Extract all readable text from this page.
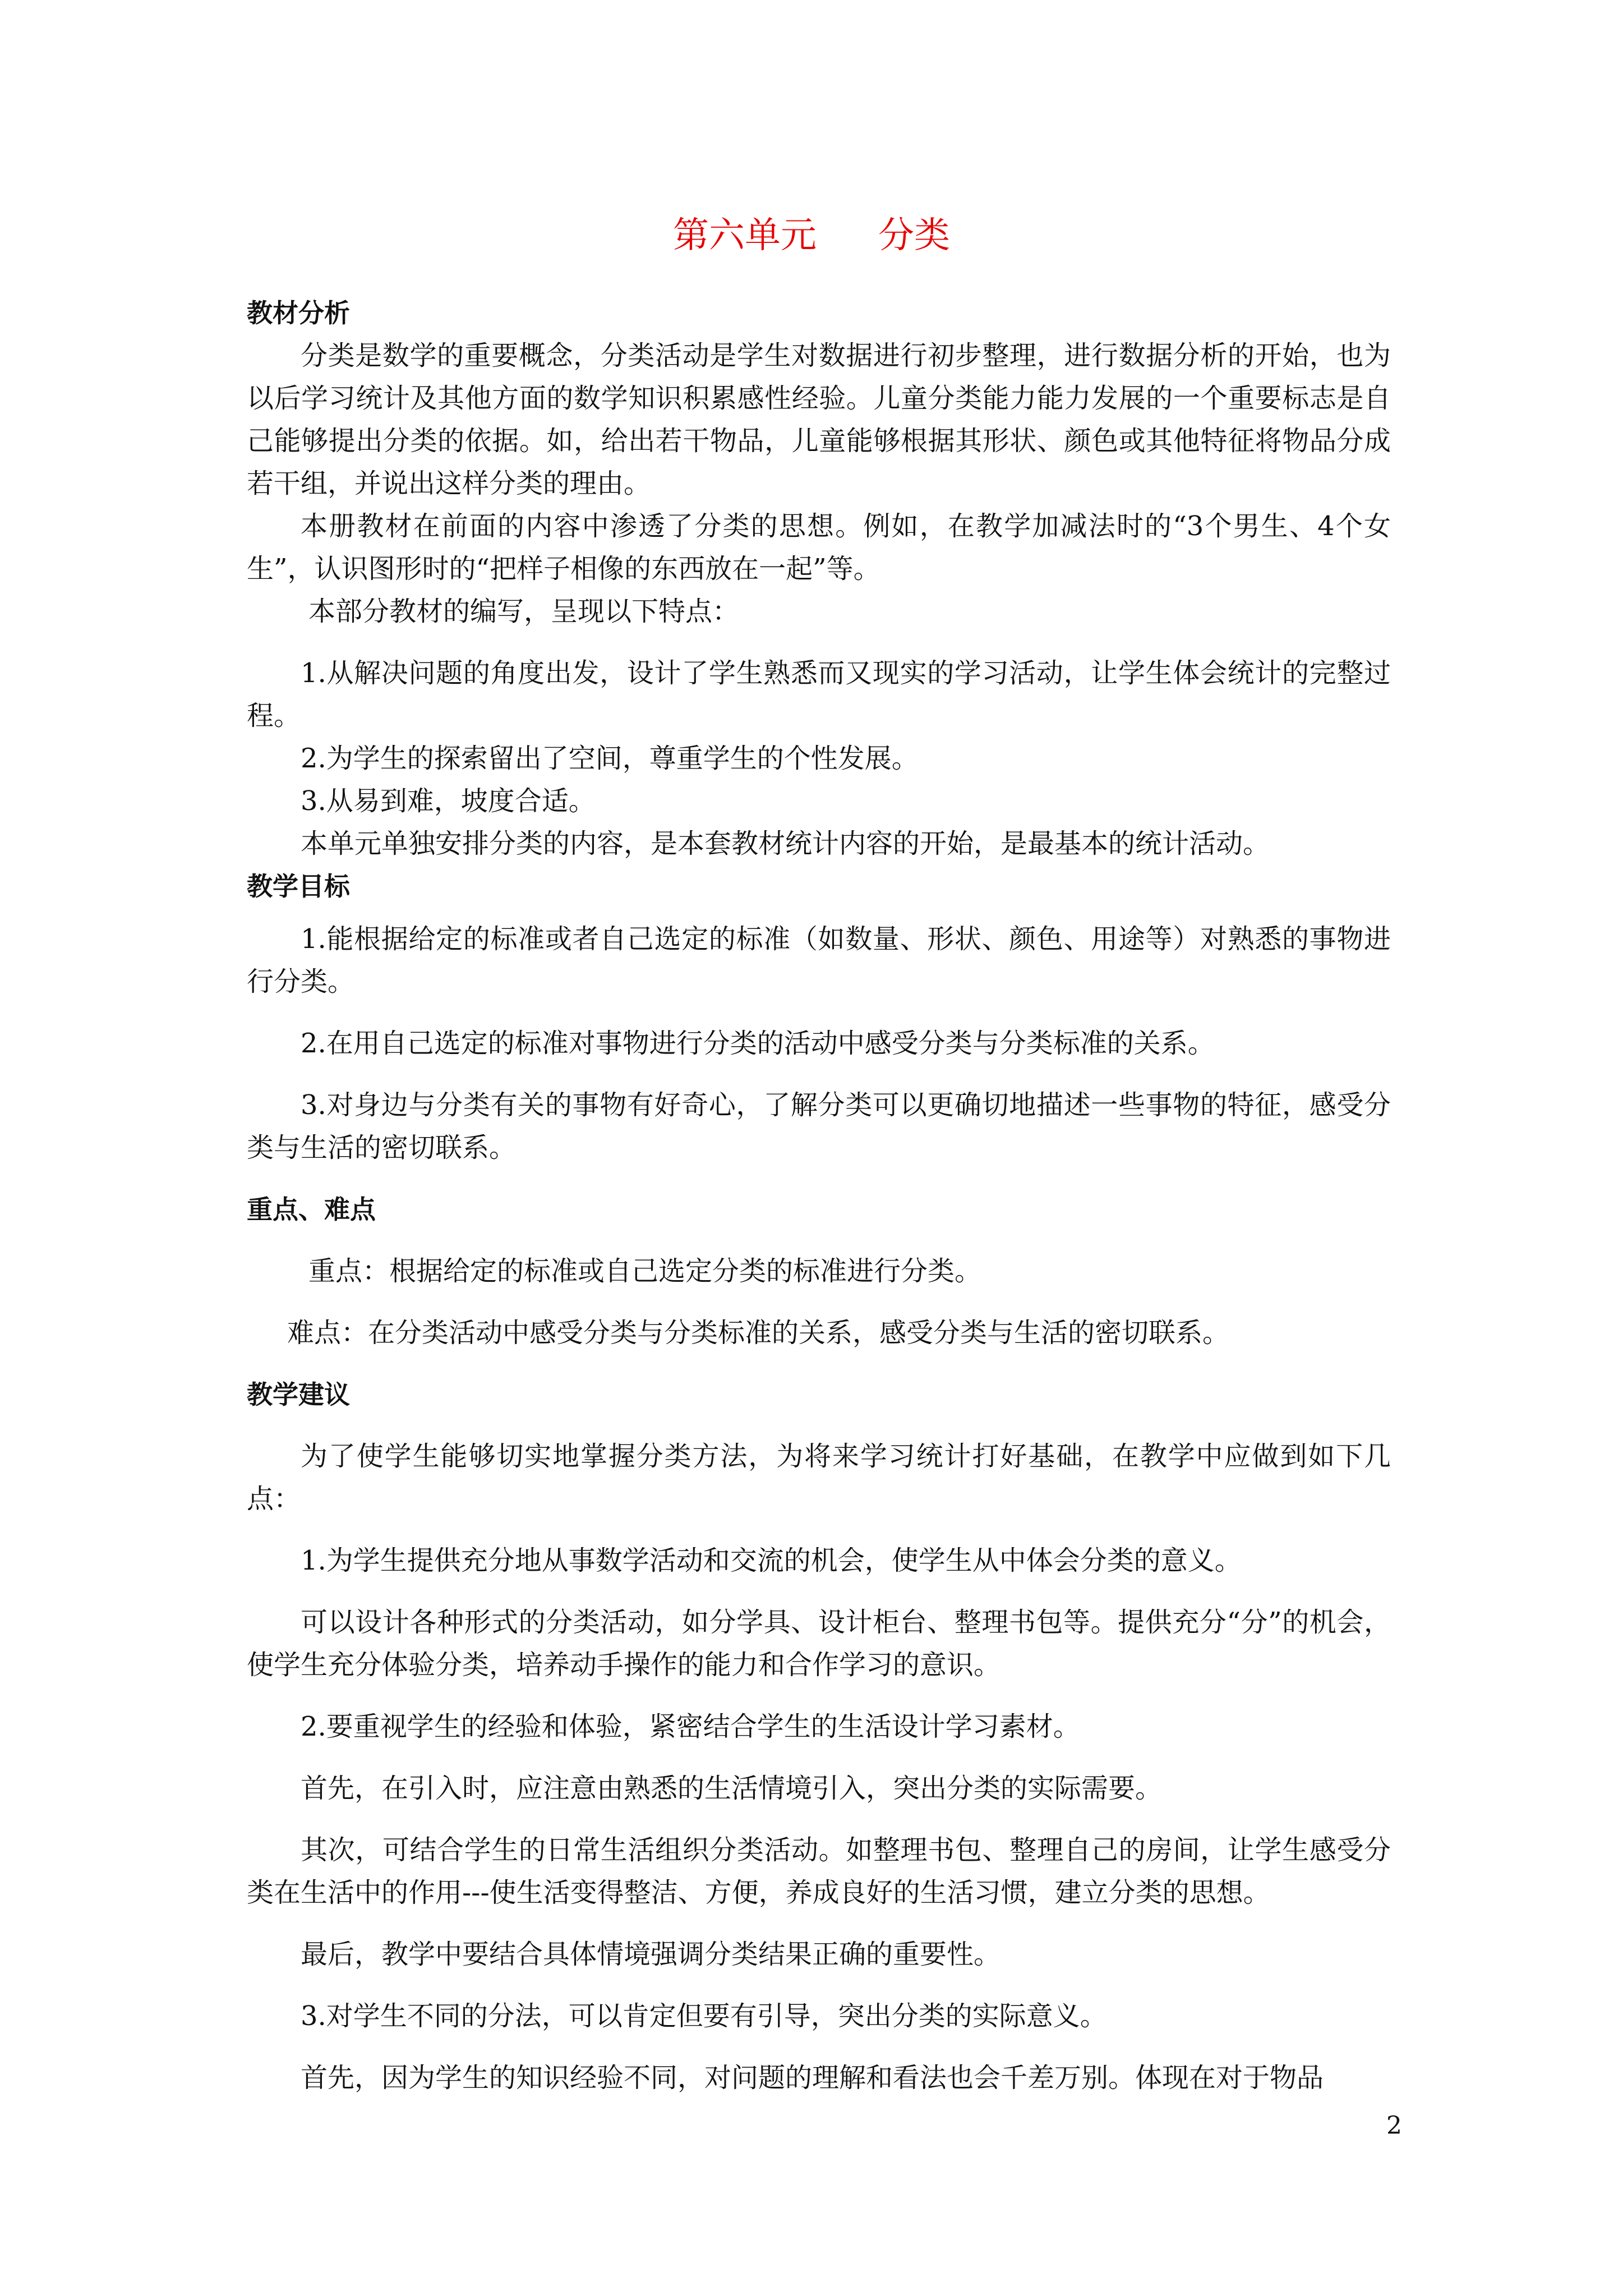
第六单元 分类
教材分析

分类是数学的重要概念，分类活动是学生对数据进行初步整理，进行数据分析的开始，也为以后学习统计及其他方面的数学知识积累感性经验。儿童分类能力能力发展的一个重要标志是自己能够提出分类的依据。如，给出若干物品，儿童能够根据其形状、颜色或其他特征将物品分成若干组，并说出这样分类的理由。

本册教材在前面的内容中渗透了分类的思想。例如，在教学加减法时的“3个男生、4个女生”，认识图形时的“把样子相像的东西放在一起”等。

本部分教材的编写，呈现以下特点：

1.从解决问题的角度出发，设计了学生熟悉而又现实的学习活动，让学生体会统计的完整过程。

2.为学生的探索留出了空间，尊重学生的个性发展。

3.从易到难，坡度合适。

本单元单独安排分类的内容，是本套教材统计内容的开始，是最基本的统计活动。

教学目标

1.能根据给定的标准或者自己选定的标准（如数量、形状、颜色、用途等）对熟悉的事物进行分类。

2.在用自己选定的标准对事物进行分类的活动中感受分类与分类标准的关系。

3.对身边与分类有关的事物有好奇心，了解分类可以更确切地描述一些事物的特征，感受分类与生活的密切联系。

重点、难点

重点：根据给定的标准或自己选定分类的标准进行分类。

难点：在分类活动中感受分类与分类标准的关系，感受分类与生活的密切联系。

教学建议

为了使学生能够切实地掌握分类方法，为将来学习统计打好基础，在教学中应做到如下几点：

1.为学生提供充分地从事数学活动和交流的机会，使学生从中体会分类的意义。

可以设计各种形式的分类活动，如分学具、设计柜台、整理书包等。提供充分“分”的机会，使学生充分体验分类，培养动手操作的能力和合作学习的意识。

2.要重视学生的经验和体验，紧密结合学生的生活设计学习素材。

首先，在引入时，应注意由熟悉的生活情境引入，突出分类的实际需要。

其次，可结合学生的日常生活组织分类活动。如整理书包、整理自己的房间，让学生感受分类在生活中的作用---使生活变得整洁、方便，养成良好的生活习惯，建立分类的思想。

最后，教学中要结合具体情境强调分类结果正确的重要性。

3.对学生不同的分法，可以肯定但要有引导，突出分类的实际意义。

首先，因为学生的知识经验不同，对问题的理解和看法也会千差万别。体现在对于物品

2
